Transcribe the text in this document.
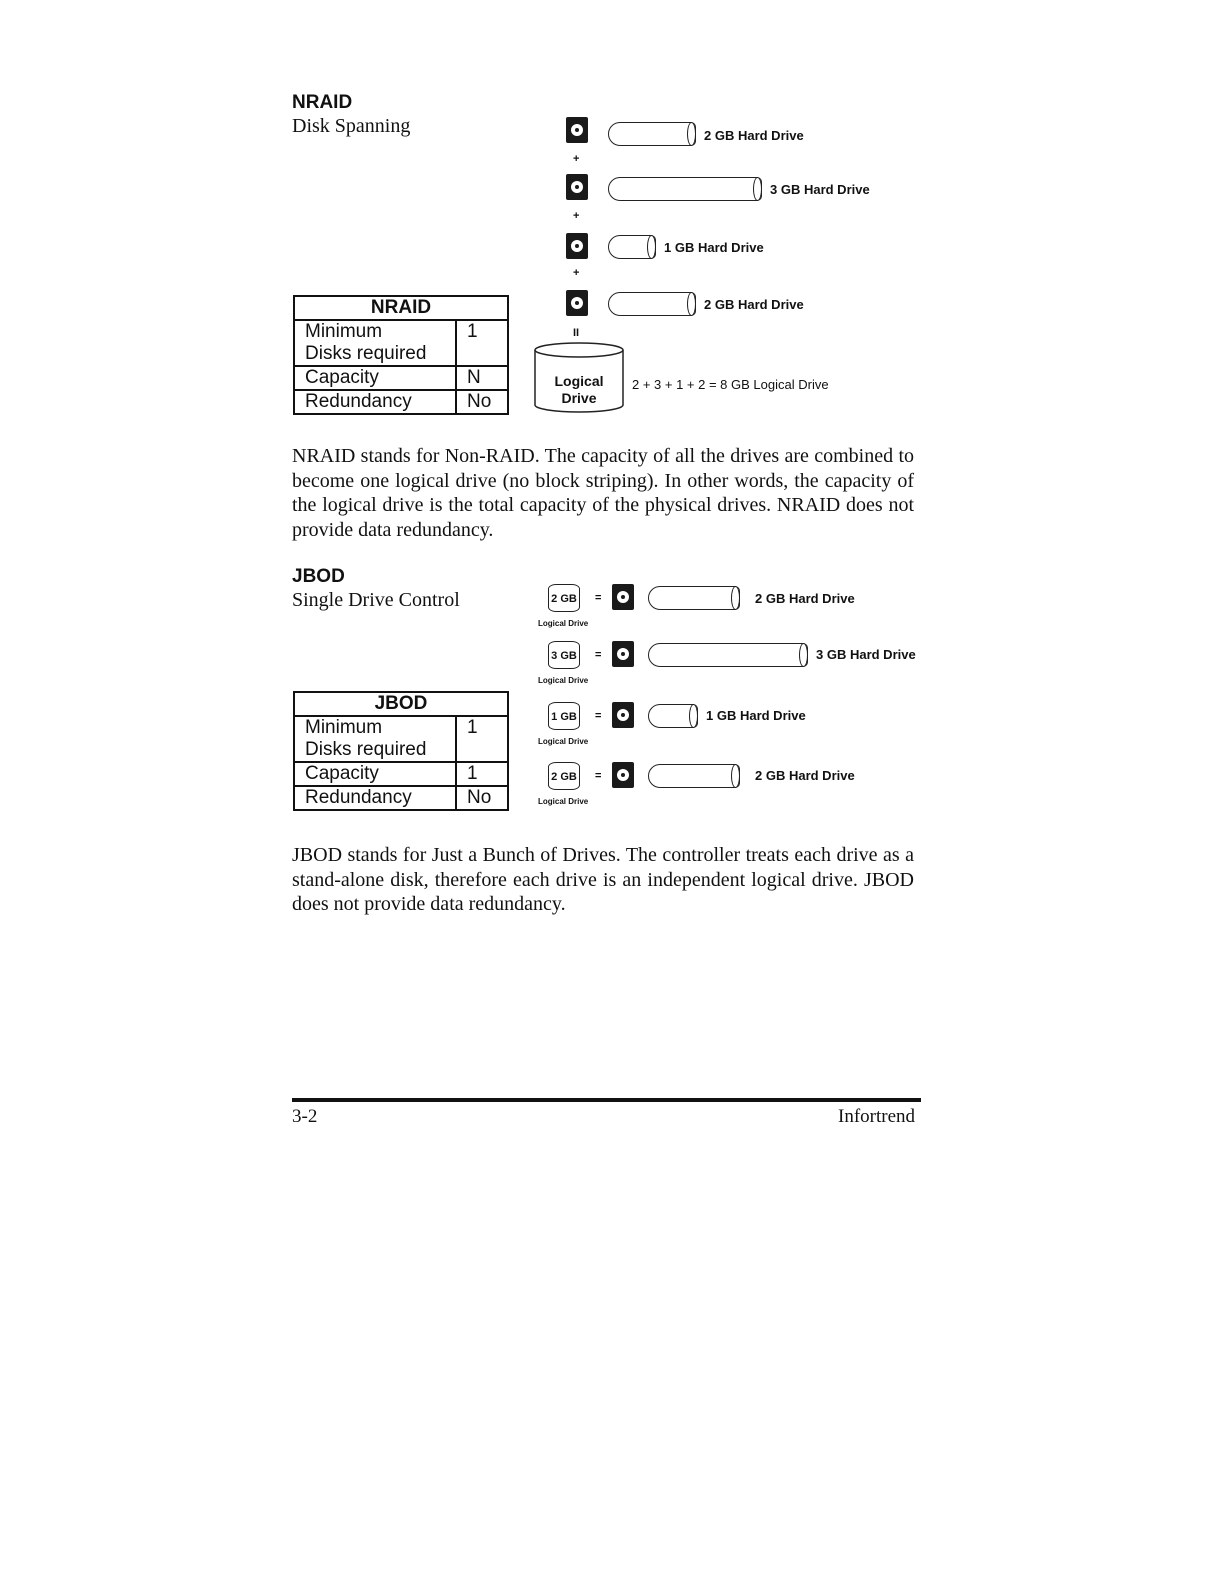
NRAID
Disk Spanning
NRAID	
Minimum
Disks required	1
Capacity	N
Redundancy	No
2 GB Hard Drive
+
3 GB Hard Drive
+
1 GB Hard Drive
+
2 GB Hard Drive
II
Logical
Drive
2 + 3 + 1 + 2 = 8 GB Logical Drive
NRAID stands for Non-RAID. The capacity of all the drives are combined to become one logical drive (no block striping). In other words, the capacity of the logical drive is the total capacity of the physical drives. NRAID does not provide data redundancy.
JBOD
Single Drive Control
JBOD	
Minimum
Disks required	1
Capacity	1
Redundancy	No
2 GB =	2 GB Hard Drive
Logical Drive
3 GB =	3 GB Hard Drive
Logical Drive
1 GB =	1 GB Hard Drive
Logical Drive
2 GB =	2 GB Hard Drive
Logical Drive
JBOD stands for Just a Bunch of Drives. The controller treats each drive as a stand-alone disk, therefore each drive is an independent logical drive. JBOD does not provide data redundancy.
3-2	Infortrend
